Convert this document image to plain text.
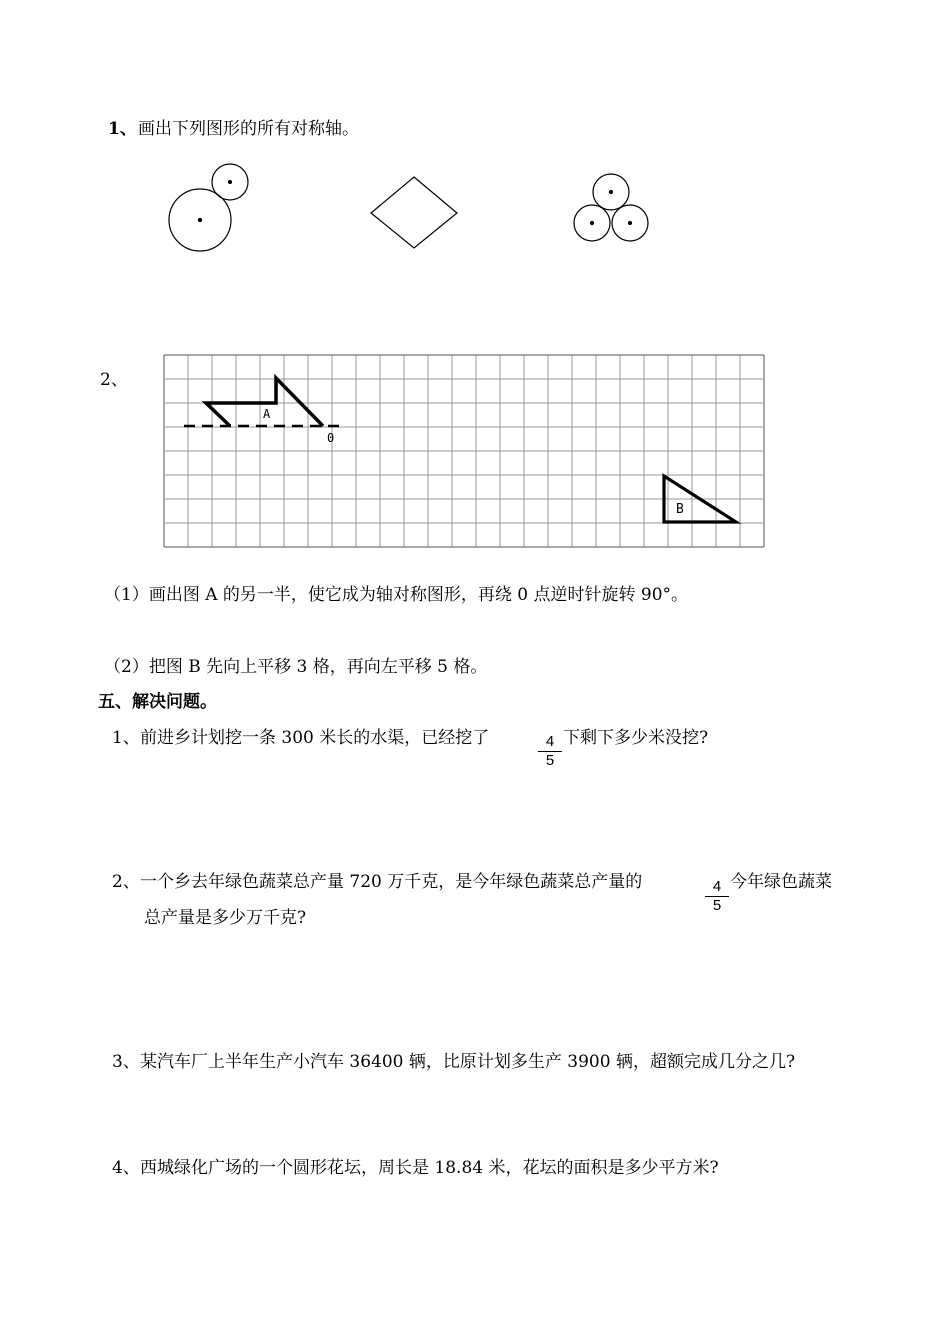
1、 画出下列图形的所有对称轴。
A
0
B
2、
（1）画出图 A 的另一半，使它成为轴对称图形，再绕 0 点逆时针旋转 90°。
（2）把图 B 先向上平移 3 格，再向左平移 5 格。
五、解决问题。
1、 前进乡计划挖一条 300 米长的水渠，已经挖了	4
5
下剩下多少米没挖?
2、 一个乡去年绿色蔬菜总产量 720 万千克，是今年绿色蔬菜总产量的	4
5
今年绿色蔬菜
总产量是多少万千克?
3、 某汽车厂上半年生产小汽车 36400 辆，比原计划多生产 3900 辆，超额完成几分之几?
4、 西城绿化广场的一个圆形花坛，周长是 18.84 米，花坛的面积是多少平方米?
